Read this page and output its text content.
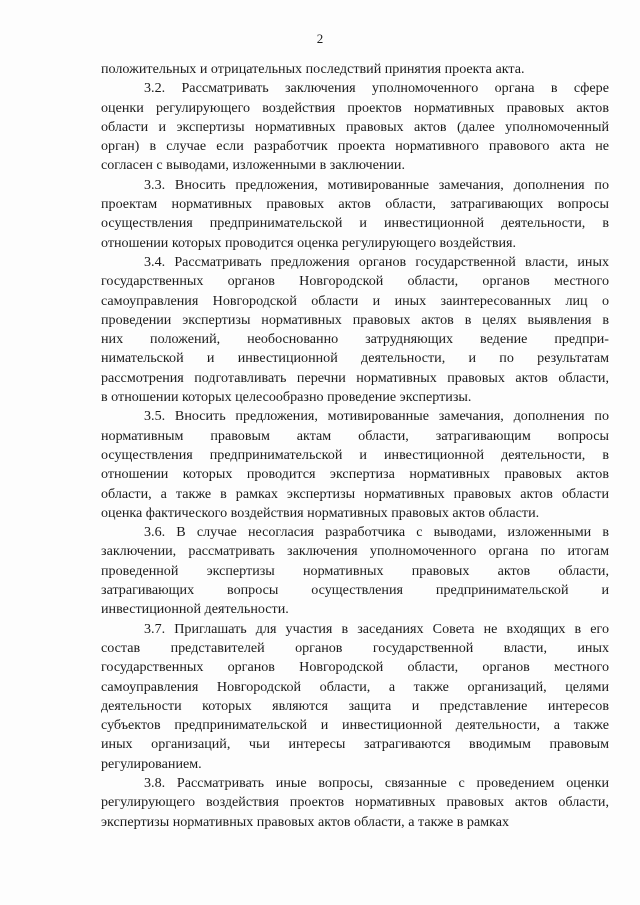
2
положительных и отрицательных последствий принятия проекта акта.
3.2. Рассматривать заключения уполномоченного органа в сфере
оценки регулирующего воздействия проектов нормативных правовых актов
области и экспертизы нормативных правовых актов (далее уполномоченный
орган) в случае если разработчик проекта нормативного правового акта не
согласен с выводами, изложенными в заключении.
3.3. Вносить предложения, мотивированные замечания, дополнения по
проектам нормативных правовых актов области, затрагивающих вопросы
осуществления предпринимательской и инвестиционной деятельности, в
отношении которых проводится оценка регулирующего воздействия.
3.4. Рассматривать предложения органов государственной власти, иных
государственных органов Новгородской области, органов местного
самоуправления Новгородской области и иных заинтересованных лиц о
проведении экспертизы нормативных правовых актов в целях выявления в
них положений, необоснованно затрудняющих ведение предпри-
нимательской и инвестиционной деятельности, и по результатам
рассмотрения подготавливать перечни нормативных правовых актов области,
в отношении которых целесообразно проведение экспертизы.
3.5. Вносить предложения, мотивированные замечания, дополнения по
нормативным правовым актам области, затрагивающим вопросы
осуществления предпринимательской и инвестиционной деятельности, в
отношении которых проводится экспертиза нормативных правовых актов
области, а также в рамках экспертизы нормативных правовых актов области
оценка фактического воздействия нормативных правовых актов области.
3.6. В случае несогласия разработчика с выводами, изложенными в
заключении, рассматривать заключения уполномоченного органа по итогам
проведенной экспертизы нормативных правовых актов области,
затрагивающих вопросы осуществления предпринимательской и
инвестиционной деятельности.
3.7. Приглашать для участия в заседаниях Совета не входящих в его
состав представителей органов государственной власти, иных
государственных органов Новгородской области, органов местного
самоуправления Новгородской области, а также организаций, целями
деятельности которых являются защита и представление интересов
субъектов предпринимательской и инвестиционной деятельности, а также
иных организаций, чьи интересы затрагиваются вводимым правовым
регулированием.
3.8. Рассматривать иные вопросы, связанные с проведением оценки
регулирующего воздействия проектов нормативных правовых актов области,
экспертизы нормативных правовых актов области, а также в рамках
